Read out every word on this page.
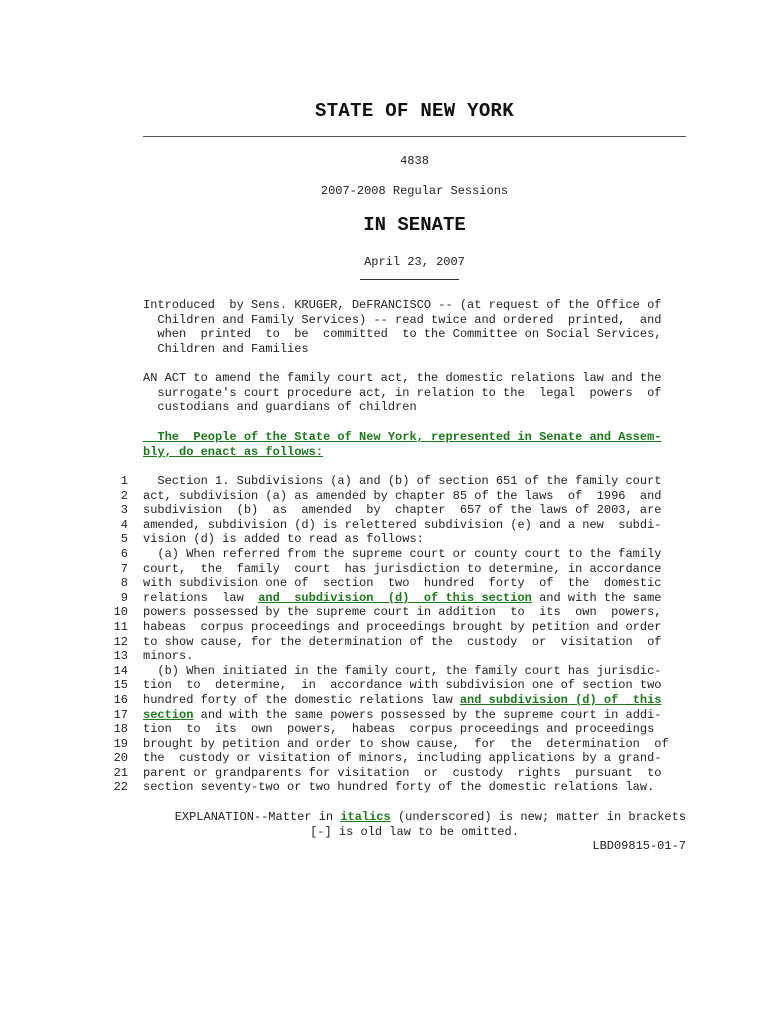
STATE OF NEW YORK
4838
2007-2008 Regular Sessions
IN SENATE
April 23, 2007
Introduced  by Sens. KRUGER, DeFRANCISCO -- (at request of the Office of
Children and Family Services) -- read twice and ordered  printed,  and
when  printed  to  be  committed  to the Committee on Social Services,
Children and Families
AN ACT to amend the family court act, the domestic relations law and the
surrogate's court procedure act, in relation to the  legal  powers  of
custodians and guardians of children
The  People of the State of New York, represented in Senate and Assem-
bly, do enact as follows:
1 Section 1. Subdivisions (a) and (b) of section 651 of the family court
2 act, subdivision (a) as amended by chapter 85 of the laws  of  1996  and
3 subdivision  (b)  as  amended  by  chapter  657 of the laws of 2003, are
4 amended, subdivision (d) is relettered subdivision (e) and a new  subdi-
5 vision (d) is added to read as follows:
6 (a) When referred from the supreme court or county court to the family
7 court,  the  family  court  has jurisdiction to determine, in accordance
8 with subdivision one of  section  two  hundred  forty  of  the  domestic
9 relations  law  and  subdivision  (d)  of this section and with the same
10 powers possessed by the supreme court in addition  to  its  own  powers,
11 habeas  corpus proceedings and proceedings brought by petition and order
12 to show cause, for the determination of the  custody  or  visitation  of
13 minors.
14 (b) When initiated in the family court, the family court has jurisdic-
15 tion  to  determine,  in  accordance with subdivision one of section two
16 hundred forty of the domestic relations law and subdivision (d) of  this
17 section and with the same powers possessed by the supreme court in addi-
18 tion  to  its  own  powers,  habeas  corpus proceedings and proceedings
19 brought by petition and order to show cause,  for  the  determination  of
20 the  custody or visitation of minors, including applications by a grand-
21 parent or grandparents for visitation  or  custody  rights  pursuant  to
22 section seventy-two or two hundred forty of the domestic relations law.
EXPLANATION--Matter in italics (underscored) is new; matter in brackets
[-] is old law to be omitted.
LBD09815-01-7
